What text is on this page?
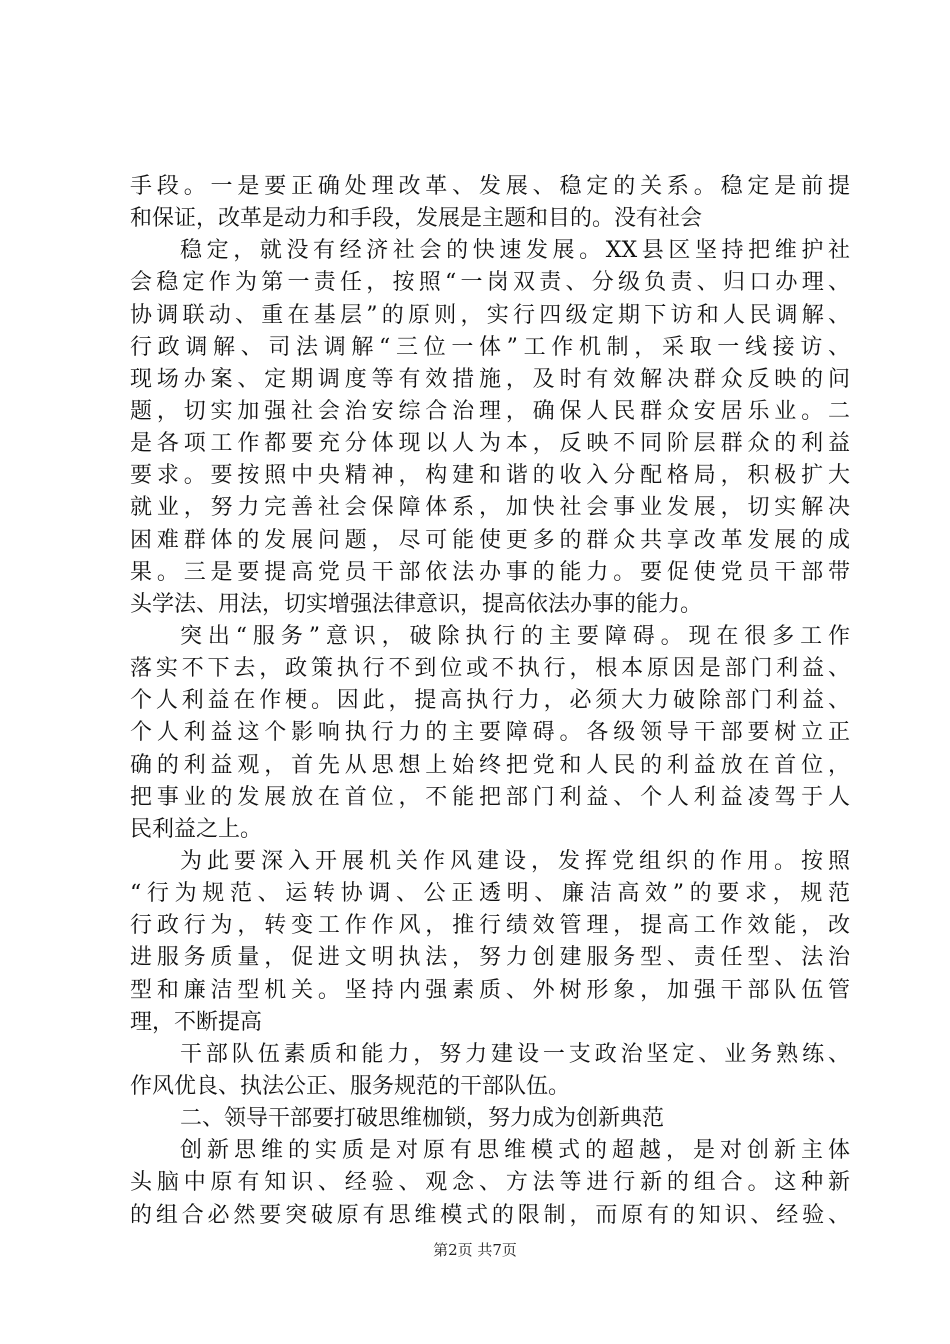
手段。一是要正确处理改革、发展、稳定的关系。稳定是前提
和保证，改革是动力和手段，发展是主题和目的。没有社会
稳定，就没有经济社会的快速发展。XX县区坚持把维护社
会稳定作为第一责任，按照“一岗双责、分级负责、归口办理、
协调联动、重在基层”的原则，实行四级定期下访和人民调解、
行政调解、司法调解“三位一体”工作机制，采取一线接访、
现场办案、定期调度等有效措施，及时有效解决群众反映的问
题，切实加强社会治安综合治理，确保人民群众安居乐业。二
是各项工作都要充分体现以人为本，反映不同阶层群众的利益
要求。要按照中央精神，构建和谐的收入分配格局，积极扩大
就业，努力完善社会保障体系，加快社会事业发展，切实解决
困难群体的发展问题，尽可能使更多的群众共享改革发展的成
果。三是要提高党员干部依法办事的能力。要促使党员干部带
头学法、用法，切实增强法律意识，提高依法办事的能力。
突出“服务”意识，破除执行的主要障碍。现在很多工作
落实不下去，政策执行不到位或不执行，根本原因是部门利益、
个人利益在作梗。因此，提高执行力，必须大力破除部门利益、
个人利益这个影响执行力的主要障碍。各级领导干部要树立正
确的利益观，首先从思想上始终把党和人民的利益放在首位，
把事业的发展放在首位，不能把部门利益、个人利益凌驾于人
民利益之上。
为此要深入开展机关作风建设，发挥党组织的作用。按照
“行为规范、运转协调、公正透明、廉洁高效”的要求，规范
行政行为，转变工作作风，推行绩效管理，提高工作效能，改
进服务质量，促进文明执法，努力创建服务型、责任型、法治
型和廉洁型机关。坚持内强素质、外树形象，加强干部队伍管
理，不断提高
干部队伍素质和能力，努力建设一支政治坚定、业务熟练、
作风优良、执法公正、服务规范的干部队伍。
二、领导干部要打破思维枷锁，努力成为创新典范
创新思维的实质是对原有思维模式的超越，是对创新主体
头脑中原有知识、经验、观念、方法等进行新的组合。这种新
的组合必然要突破原有思维模式的限制，而原有的知识、经验、
第2页 共7页
